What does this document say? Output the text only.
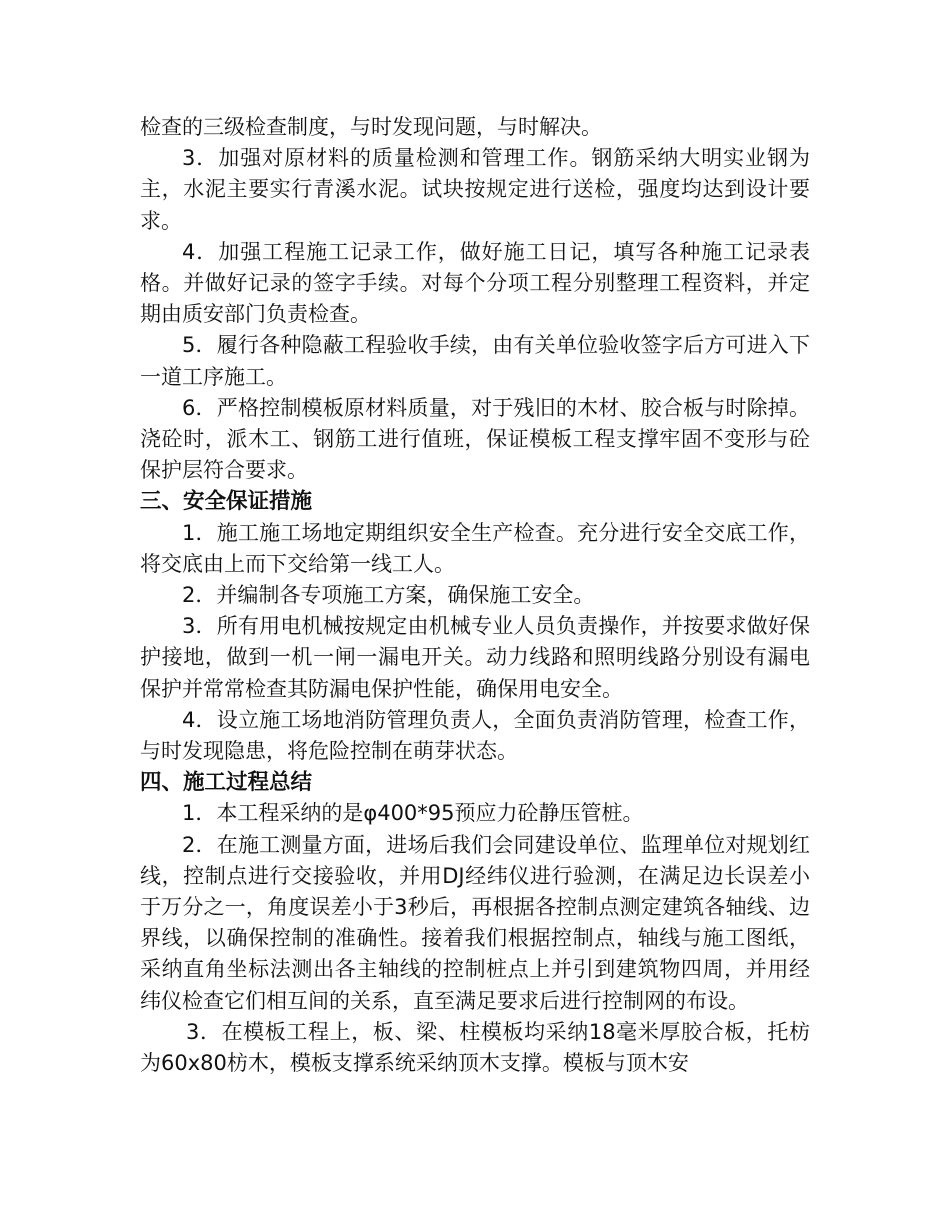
检查的三级检查制度，与时发现问题，与时解决。

3．加强对原材料的质量检测和管理工作。钢筋采纳大明实业钢为主，水泥主要实行青溪水泥。试块按规定进行送检，强度均达到设计要求。

4．加强工程施工记录工作，做好施工日记，填写各种施工记录表格。并做好记录的签字手续。对每个分项工程分别整理工程资料，并定期由质安部门负责检查。

5．履行各种隐蔽工程验收手续，由有关单位验收签字后方可进入下一道工序施工。

6．严格控制模板原材料质量，对于残旧的木材、胶合板与时除掉。浇砼时，派木工、钢筋工进行值班，保证模板工程支撑牢固不变形与砼保护层符合要求。

三、安全保证措施

1．施工施工场地定期组织安全生产检查。充分进行安全交底工作，将交底由上而下交给第一线工人。

2．并编制各专项施工方案，确保施工安全。

3．所有用电机械按规定由机械专业人员负责操作，并按要求做好保护接地，做到一机一闸一漏电开关。动力线路和照明线路分别设有漏电保护并常常检查其防漏电保护性能，确保用电安全。

4．设立施工场地消防管理负责人，全面负责消防管理，检查工作，与时发现隐患，将危险控制在萌芽状态。

四、施工过程总结

1．本工程采纳的是φ400*95预应力砼静压管桩。

2．在施工测量方面，进场后我们会同建设单位、监理单位对规划红线，控制点进行交接验收，并用DJ经纬仪进行验测，在满足边长误差小于万分之一，角度误差小于3秒后，再根据各控制点测定建筑各轴线、边界线，以确保控制的准确性。接着我们根据控制点，轴线与施工图纸，采纳直角坐标法测出各主轴线的控制桩点上并引到建筑物四周，并用经纬仪检查它们相互间的关系，直至满足要求后进行控制网的布设。

3．在模板工程上，板、梁、柱模板均采纳18毫米厚胶合板，托枋为60x80枋木，模板支撑系统采纳顶木支撑。模板与顶木安
